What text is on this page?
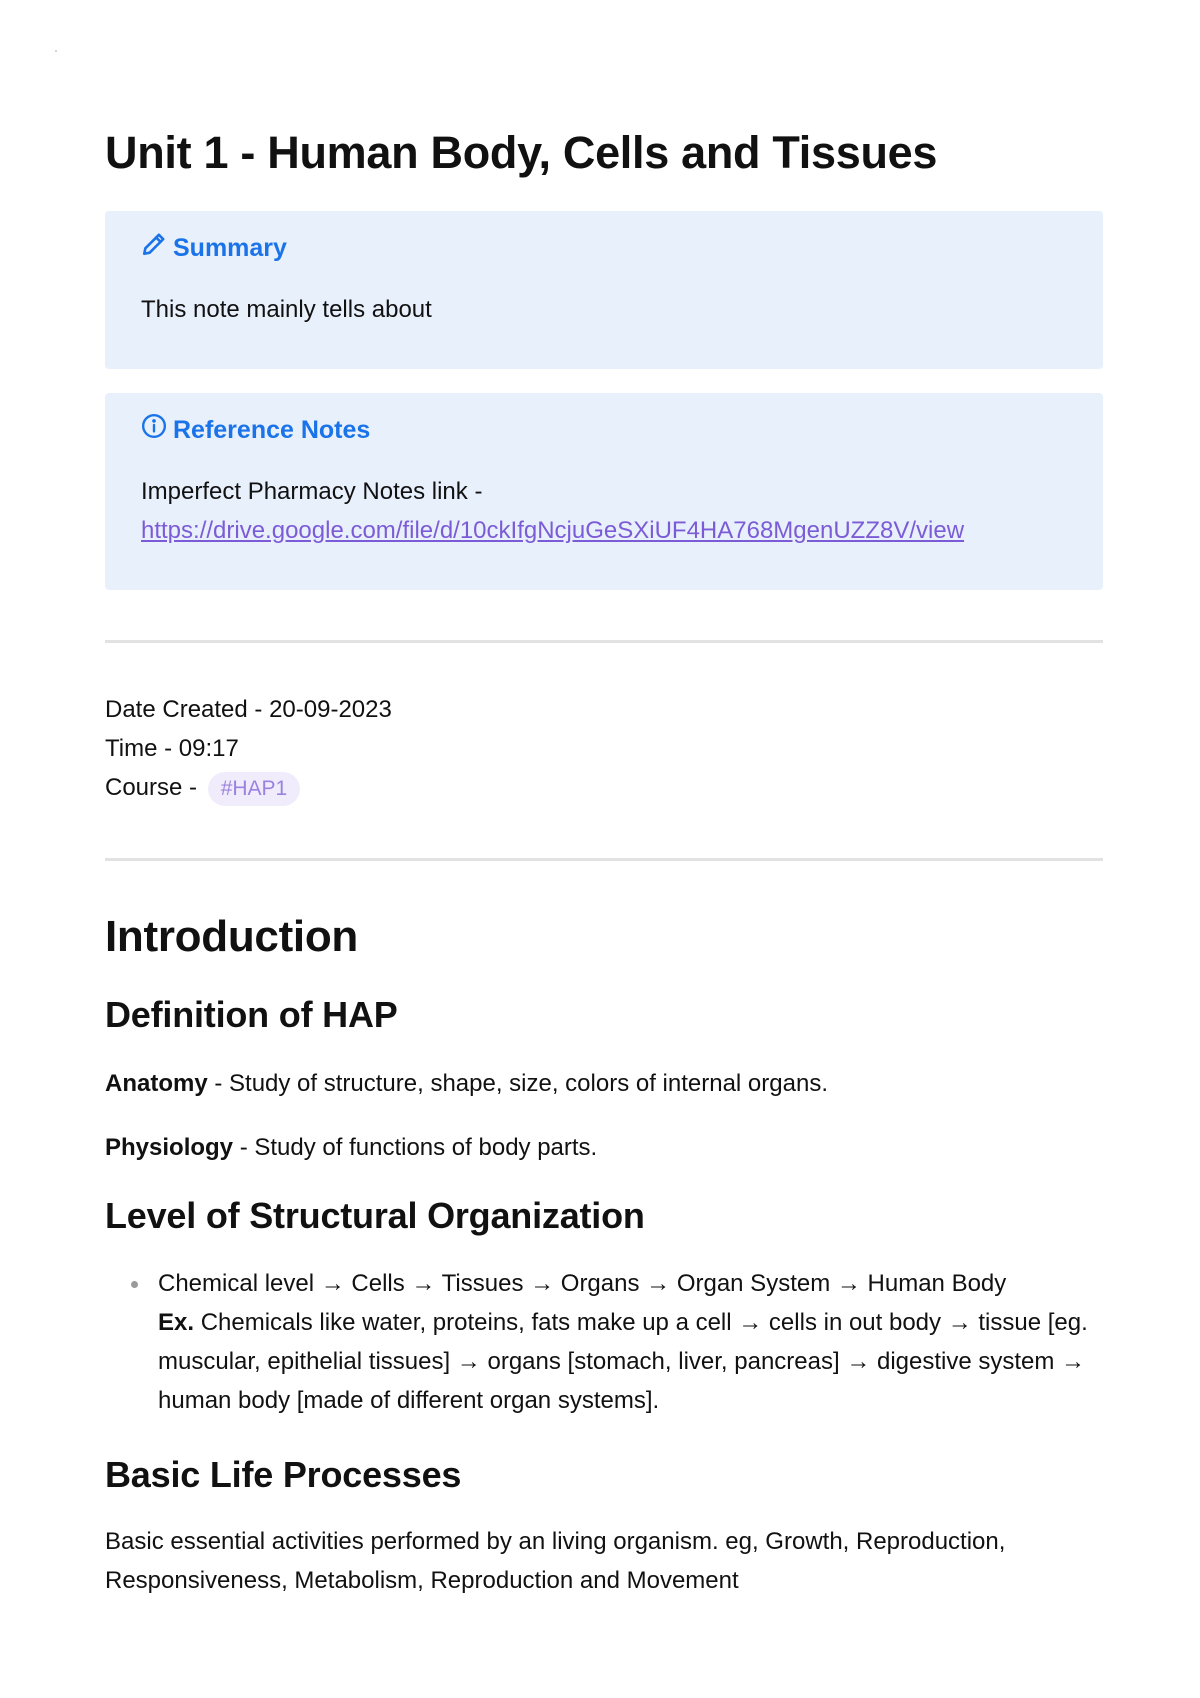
Unit 1 - Human Body, Cells and Tissues
Summary
This note mainly tells about
Reference Notes
Imperfect Pharmacy Notes link -
https://drive.google.com/file/d/10ckIfgNcjuGeSXiUF4HA768MgenUZZ8V/view
Date Created - 20-09-2023
Time - 09:17
Course - #HAP1
Introduction
Definition of HAP

Anatomy - Study of structure, shape, size, colors of internal organs.

Physiology - Study of functions of body parts.

Level of Structural Organization
Chemical level → Cells → Tissues → Organs → Organ System → Human Body
Ex. Chemicals like water, proteins, fats make up a cell → cells in out body → tissue [eg. muscular, epithelial tissues] → organs [stomach, liver, pancreas] → digestive system → human body [made of different organ systems].
Basic Life Processes

Basic essential activities performed by an living organism. eg, Growth, Reproduction, Responsiveness, Metabolism, Reproduction and Movement
